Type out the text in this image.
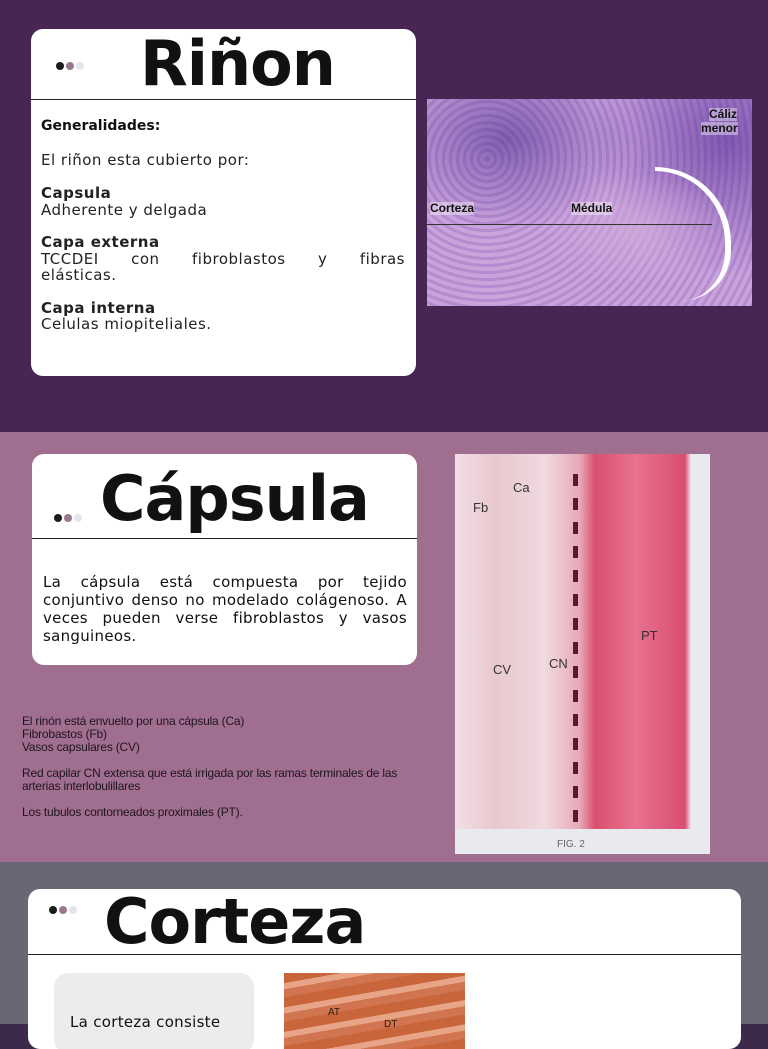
Riñon

Generalidades:

El riñon esta cubierto por:

Capsula

Adherente y delgada

Capa externa

TCCDEI con fibroblastos y fibras elásticas.

Capa interna

Celulas miopiteliales.

Corteza	Médula
Cáliz
menor
Cápsula

La cápsula está compuesta por tejido conjuntivo denso no modelado colágenoso. A veces pueden verse fibroblastos y vasos sanguineos.

El rinón está envuelto por una cápsula (Ca)

Fibrobastos (Fb)

Vasos capsulares (CV)

Red capilar CN extensa que está irrigada por las ramas terminales de las arterias interlobulillares

Los tubulos contorneados proximales (PT).

Ca
Fb
CV	CN
PT
FIG. 2
Corteza
La corteza consiste
AT
DT
